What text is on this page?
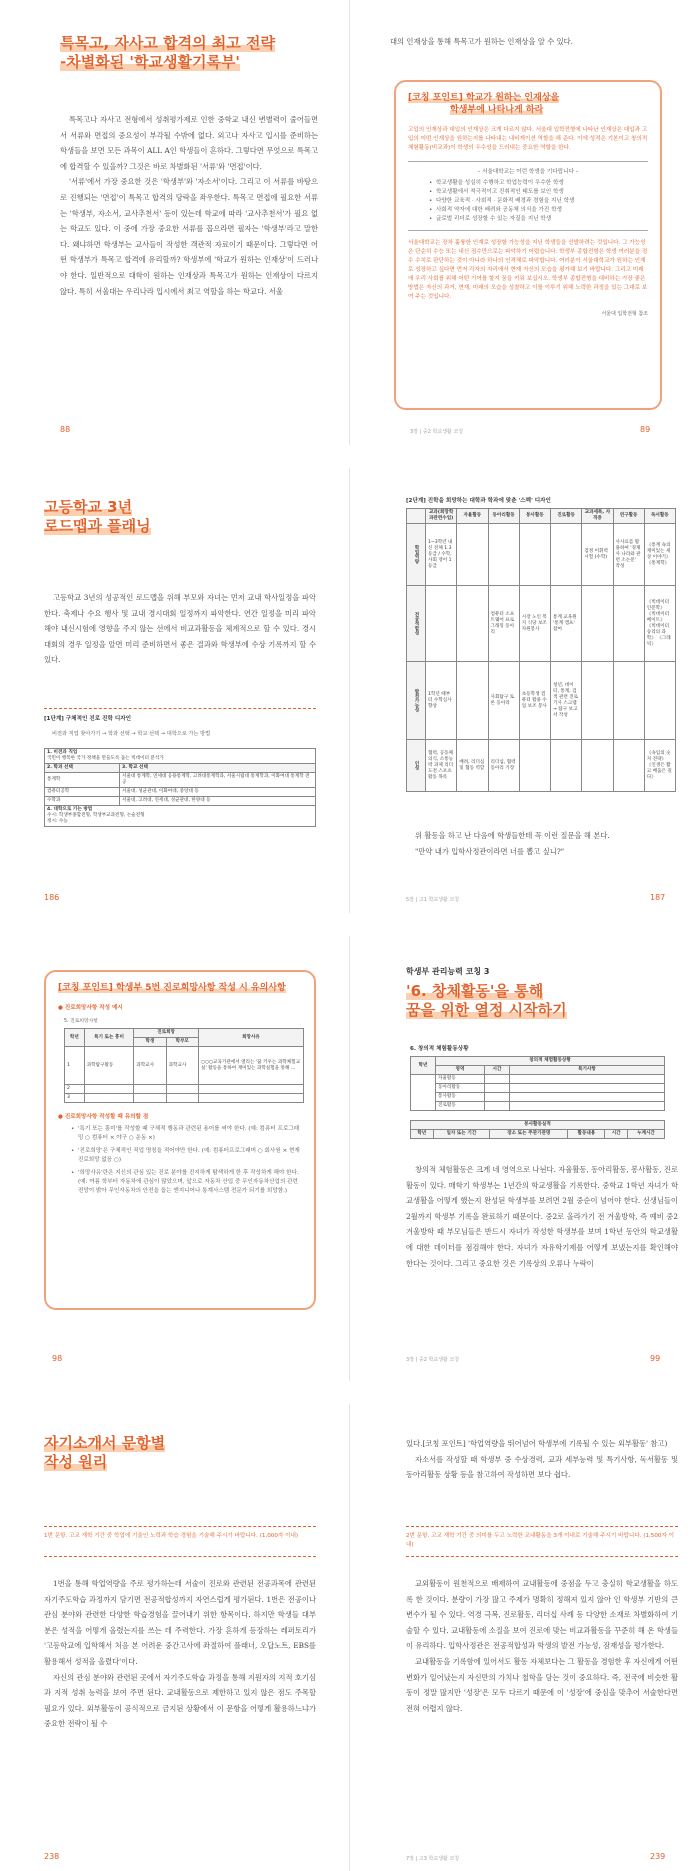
특목고, 자사고 합격의 최고 전략
-차별화된 '학교생활기록부'

특목고나 자사고 전형에서 성취평가제로 인한 중학교 내신 변별력이 줄어들면서 서류와 면접의 중요성이 부각될 수밖에 없다. 외고나 자사고 입시를 준비하는 학생들을 보면 모든 과목이 ALL A인 학생들이 흔하다. 그렇다면 무엇으로 특목고에 합격할 수 있을까? 그것은 바로 차별화된 '서류'와 '면접'이다.

'서류'에서 가장 중요한 것은 '학생부'와 '자소서'이다. 그리고 이 서류를 바탕으로 진행되는 '면접'이 특목고 합격의 당락을 좌우한다. 특목고 면접에 필요한 서류는 '학생부, 자소서, 교사추천서' 등이 있는데 학교에 따라 '교사추천서'가 필요 없는 학교도 있다. 이 중에 가장 중요한 서류를 꼽으라면 필자는 '학생부'라고 말한다. 왜냐하면 학생부는 교사들이 작성한 객관적 자료이기 때문이다. 그렇다면 어떤 학생부가 특목고 합격에 유리할까? 학생부에 '학교가 원하는 인재상'이 드러나야 한다. 일반적으로 대학이 원하는 인재상과 특목고가 원하는 인재상이 다르지 않다. 특히 서울대는 우리나라 입시에서 최고 역할을 하는 학교다. 서울

88

대의 인재상을 통해 특목고가 원하는 인재상을 알 수 있다.

[코칭 포인트] 학교가 원하는 인재상을
학생부에 나타나게 하라
고입의 인재상과 대입의 인재상은 크게 다르지 않다. 서울대 입학전형에 나타난 인재상은 대입과 고입의 어떤 인재상을 원하는지를 나타내는 내비게이션 역할을 해 준다. 이에 성적은 기본이고 창의적체험활동(비교과)이 학생의 우수성을 드러내는 중요한 역할을 한다.
– 서울대학교는 이런 학생을 기다립니다 –
• 학교생활을 성실히 수행하고 학업능력이 우수한 학생
• 학교생활에서 적극적이고 진취적인 태도를 보인 학생
• 다양한 교육적 · 사회적 · 문화적 배경과 경험을 지닌 학생
• 사회적 약자에 대한 배려와 공동체 의식을 가진 학생
• 글로벌 리더로 성장할 수 있는 자질을 지닌 학생
서울대학교는 장차 훌륭한 인재로 성장할 가능성을 지닌 학생들을 선발하려는 것입니다. 그 가능성은 단순히 수능 또는 내신 점수만으로는 파악하기 어렵습니다. 학생부 종합전형은 학생 여러분을 점수 수치로 판단하는 것이 아니라 하나의 인격체로 파악합니다. 여러분이 서울대학교가 원하는 인재로 성장하고 싶다면 먼저 각자의 자리에서 현재 자신의 모습을 평가해 보기 바랍니다. 그리고 미래에 우리 사회를 위해 어떤 기여를 할지 꿈을 키워 보십시오. 학생부 종합전형을 대비하는 가장 좋은 방법은 자신의 과거, 현재, 미래의 모습을 성찰하고 이를 이루기 위해 노력한 과정을 있는 그대로 보여 주는 것입니다.
서울대 입학전형 참조
3장 | 중2 학교생활 코칭	89
고등학교 3년
로드맵과 플래닝

고등학교 3년의 성공적인 로드맵을 위해 부모와 자녀는 먼저 교내 학사일정을 파악한다. 축제나 수요 행사 및 교내 경시대회 일정까지 파악한다. 연간 일정을 미리 파악해야 내신시험에 영향을 주지 않는 선에서 비교과활동을 체계적으로 할 수 있다. 경시대회의 경우 일정을 알면 미리 준비하면서 좋은 결과와 학생부에 수상 기록까지 할 수 있다.

[1단계] 구체적인 진로 진학 디자인
비전과 직업 찾아가기 → 학과 선택 → 학교 선택 → 대학으로 가는 방법
1. 비전과 직업
국민이 행복한 국가 정책을 만들도록 돕는 빅데이터 분석가	
2. 학과 선택	3. 학교 선택
통계학	서울대 통계학, 연세대 응용통계학, 고려대통계학과, 서울시립대 통계학과, 이화여대 통계학 전공
컴퓨터공학	서울대, 성균관대, 이화여대, 중앙대 등
수학과	서울대, 고려대, 연세대, 성균관대, 한양대 등
4. 대학으로 가는 방법
수시: 학생부종합전형, 학생부교과전형, 논술전형
정시: 수능	
186
[2단계] 진학을 희망하는 대학과 학과에 맞춘 '스펙' 디자인
	교과(희망학과관련수업)	자율활동	동아리활동	봉사활동	진로활동	교과세특, 자격증	연구활동	독서활동
학업역량	1~3학년 내신 전체 1.3등급 / 수학, 사회 영어 1등급					검정 어휘력 시험 (수학)	사사료를 활용하여 '경제사 나라와 관련 소논문' 작성	《통계 속의 재미있는 세상 이야기》 《통계학》
전공적합성			컴퓨터 소프트웨어 프로그래밍 동아리	시장 노인 복지 식당 보조 자원봉사	통계 교육원 '통계 캠프' 참여			《빅데이터 인문학》 《빅데이터 베이트》 《빅데이터 승리의 과학》 《그래픽》
발전가능성	1학년 때부터 수학심사 향상		사회탐구 토론 동아리	초등학생 컴퓨터 활용 수업 보조 봉사	청년, 데이터, 통계, 검색 관련 진로 기사 스크랩 → 탐구 보고서 작성			
인성	협력, 공동체의식, 소통능력 과제 리더 도전 스포츠 활동 목록	배려, 리더십 및 협동 역할	리더십, 협력 동아리 기장					《속임의 숫지 전략》 《인생은 짧고 배움은 길다》

위 활동을 하고 난 다음에 학생들한테 꼭 이런 질문을 해 본다.

"만약 내가 입학사정관이라면 너를 뽑고 싶니?"

5장 | 고1 학교생활 코칭	187
[코칭 포인트] 학생부 5번 진로희망사항 작성 시 유의사항
● 진로희망사항 작성 예시
5. 진로희망사항
학년	특기 또는 흥미	진로희망		희망사유
		학생	학부모	
1	과학탐구활동	과학교사	과학교사	○○○교육기관에서 열리는 '꿈 키우는 과학체험교실' 활동을 통하여 재미있는 과학실험을 통해 …
2				
3				
● 진로희망사항 작성할 때 유의할 점
• '특기 또는 흥미'를 작성할 때 구체적 행동과 관련된 용어를 써야 한다. (예: 컴퓨터 프로그래밍 ○ 컴퓨터 × 야구 ○ 운동 ×)
• '진로희망'은 구체적인 직업 명칭을 적어야만 한다. (예: 컴퓨터프로그래머 ○ 회사원 × 현재 진로희망 없음 ○)
• '희망사유'란은 지신의 관심 있는 진로 분야를 진지하게 탐색하게 한 후 작성하게 해야 한다. (예: 여름 학부터 자동차에 관심이 많았으며, 앞으로 자동차 산업 중 무인자동차산업의 관련 전망이 밝아 무인자동차의 안전을 돕는 엔지니어나 통계사스템 전문가 되기를 희망함.)
98
학생부 관리능력 코칭 3
'6. 창체활동'을 통해
꿈을 위한 열정 시작하기
6. 창의적 체험활동상황
학년	창의적 체험활동상황		
	영역	시간	특기사항
	자율활동		
	동아리활동		
	봉사활동		
	진로활동		
봉사활동실적
학년	일자 또는 기간	장소 또는 주관기관명	활동내용	시간	누계시간

창의적 체험활동은 크게 네 영역으로 나뉜다. 자율활동, 동아리활동, 봉사활동, 진로활동이 있다. 매학기 학생부는 1년간의 학교생활을 기록한다. 중학교 1학년 자녀가 학교생활을 어떻게 했는지 완성된 학생부를 보려면 2월 중순이 넘어야 한다. 선생님들이 2월까지 학생부 기록을 완료하기 때문이다. 중2로 올라가기 전 겨울방학, 즉 예비 중2 겨울방학 때 부모님들은 반드시 자녀가 작성한 학생부를 보며 1학년 동안의 학교생활에 대한 데이터를 점검해야 한다. 자녀가 자유학기제를 어떻게 보냈는지를 확인해야 한다는 것이다. 그리고 중요한 것은 기록상의 오류나 누락이

3장 | 중2 학교생활 코칭	99
자기소개서 문항별
작성 원리
1번 문항. 고교 재학 기간 중 학업에 기울인 노력과 학습 경험을 기술해 주시기 바랍니다. (1,000자 이내)

1번을 통해 학업역량을 주로 평가하는데 서술이 진로와 관련된 전공과목에 관련된 자기주도학습 과정까지 담기면 전공적합성까지 자연스럽게 평가된다. 1번은 전공이나 관심 분야와 관련한 다양한 학습경험을 끌어내기 위한 항목이다. 하지만 학생들 대부분은 성적을 어떻게 올렸는지를 쓰는 데 주력한다. 가장 흔하게 등장하는 레퍼토리가 '고등학교에 입학해서 처음 본 어려운 중간고사에 좌절하여 플래너, 오답노트, EBS를 활용해서 성적을 올렸다'이다.

자신의 관심 분야와 관련된 곳에서 자기주도학습 과정을 통해 지원자의 지적 호기심과 지적 성취 능력을 보여 주면 된다. 교내활동으로 제한하고 있지 않은 점도 주목할 필요가 있다. 외부활동이 공식적으로 금지된 상황에서 이 문항을 어떻게 활용하느냐가 중요한 전략이 될 수

238

있다.[코칭 포인트] '학업역량을 뛰어넘어 학생부에 기록될 수 있는 외부활동' 참고)

자소서를 작성할 때 학생부 중 수상경력, 교과 세부능력 및 특기사항, 독서활동 및 동아리활동 상황 등을 참고하여 작성하면 보다 쉽다.

2번 문항. 고교 재학 기간 중 의미를 두고 노력한 교내활동을 3개 이내로 기술해 주시기 바랍니다. (1,500자 이내)

교외활동이 원천적으로 배제하여 교내활동에 중점을 두고 충실히 학교생활을 하도록 한 것이다. 분량이 가장 많고 주제가 명확히 정해져 있지 않아 인 학생부 기반의 큰 변수가 될 수 있다. 역경 극복, 진로활동, 리더십 사례 등 다양한 소재로 차별화하여 기술할 수 있다. 교내활동에 소질을 보여 진로에 맞는 비교과활동을 꾸준히 해 온 학생들이 유리하다. 입학사정관은 전공적합성과 학생의 발전 가능성, 잠재성을 평가한다.

교내활동을 기록함에 있어서도 활동 자체보다는 그 활동을 경험한 후 자신에게 어떤 변화가 일어났는지 자신만의 가치나 철학을 담는 것이 중요하다. 즉, 전국에 비슷한 활동이 정말 많지만 '성장'은 모두 다르기 때문에 이 '성장'에 중심을 맞추어 서술한다면 전혀 어렵지 않다.

7장 | 고3 학교생활 코칭	239
